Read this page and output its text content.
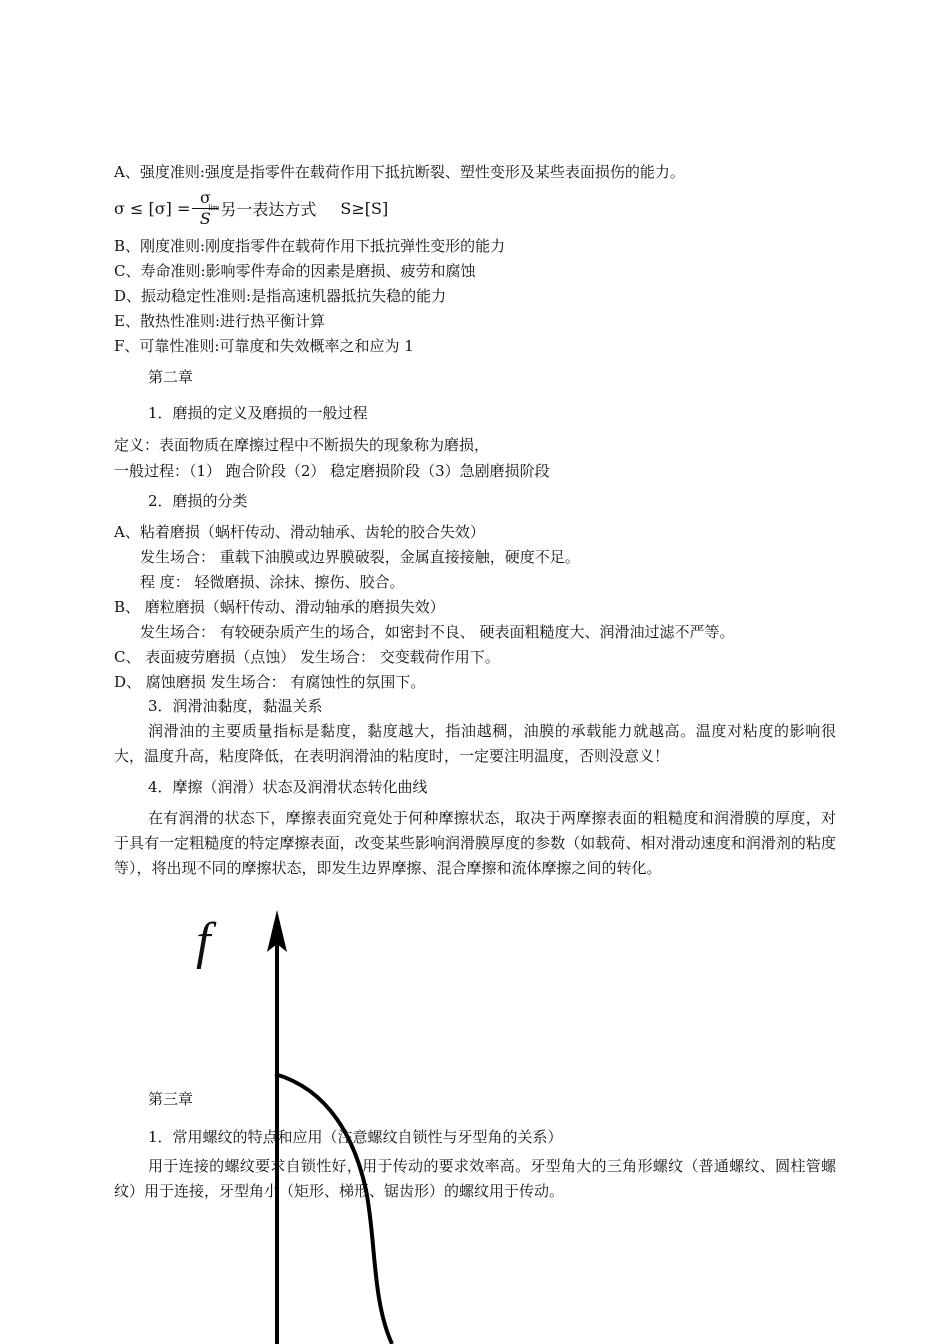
A、强度准则:强度是指零件在载荷作用下抵抗断裂、塑性变形及某些表面损伤的能力。
σ ≤ [σ] =
σ
lim
S 另一表达方式 S≥[S]
B、刚度准则:刚度指零件在载荷作用下抵抗弹性变形的能力
C、寿命准则:影响零件寿命的因素是磨损、疲劳和腐蚀
D、振动稳定性准则:是指高速机器抵抗失稳的能力
E、散热性准则:进行热平衡计算
F、可靠性准则:可靠度和失效概率之和应为 1
第二章
1．磨损的定义及磨损的一般过程
定义：表面物质在摩擦过程中不断损失的现象称为磨损，
一般过程：（1） 跑合阶段（2） 稳定磨损阶段（3）急剧磨损阶段
2．磨损的分类
A、粘着磨损（蜗杆传动、滑动轴承、齿轮的胶合失效）
发生场合： 重载下油膜或边界膜破裂，金属直接接触，硬度不足。
程 度： 轻微磨损、涂抹、擦伤、胶合。
B、 磨粒磨损（蜗杆传动、滑动轴承的磨损失效）
发生场合： 有较硬杂质产生的场合，如密封不良、 硬表面粗糙度大、润滑油过滤不严等。
C、 表面疲劳磨损（点蚀） 发生场合： 交变载荷作用下。
D、 腐蚀磨损 发生场合： 有腐蚀性的氛围下。
3．润滑油黏度，黏温关系
润滑油的主要质量指标是黏度，黏度越大，指油越稠，油膜的承载能力就越高。温度对粘度的影响很大，温度升高，粘度降低，在表明润滑油的粘度时，一定要注明温度，否则没意义！
4．摩擦（润滑）状态及润滑状态转化曲线
在有润滑的状态下，摩擦表面究竟处于何种摩擦状态，取决于两摩擦表面的粗糙度和润滑膜的厚度，对于具有一定粗糙度的特定摩擦表面，改变某些影响润滑膜厚度的参数（如载荷、相对滑动速度和润滑剂的粘度等），将出现不同的摩擦状态，即发生边界摩擦、混合摩擦和流体摩擦之间的转化。
f
第三章
1．常用螺纹的特点和应用（注意螺纹自锁性与牙型角的关系）
用于连接的螺纹要求自锁性好，用于传动的要求效率高。牙型角大的三角形螺纹（普通螺纹、圆柱管螺纹）用于连接，牙型角小（矩形、梯形、锯齿形）的螺纹用于传动。
